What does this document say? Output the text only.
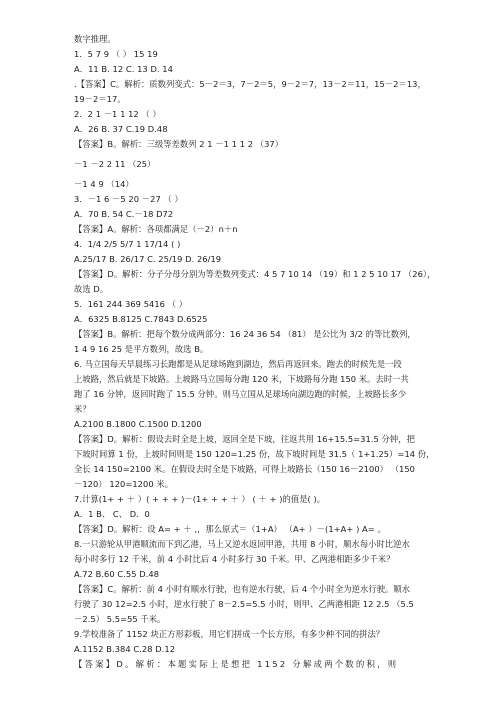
数字推理。
1．5 7 9 （ ） 15 19
A．11 B. 12 C. 13 D. 14
.【答案】C。解析：质数列变式：5－2＝3，7－2＝5，9－2＝7，13－2＝11，15－2＝13，
19－2＝17。
2．2 1 －1 1 12 （ ）
A．26 B. 37 C.19 D.48
【答案】B。解析：三级等差数列 2 1 －1 1 1 2 （37）
－1 －2 2 11 （25）
－1 4 9 （14）
3．－1 6 －5 20 －27 （ ）
A．70 B. 54 C.－18 D72
【答案】A。解析：各项都满足（－2）n＋n
4．1/4 2/5 5/7 1 17/14 ( )
A.25/17 B. 26/17 C. 25/19 D. 26/19
【答案】D。解析：分子分母分别为等差数列变式：4 5 7 10 14 （19）和 1 2 5 10 17 （26），
故选 D。
5．161 244 369 5416 （ ）
A．6325 B.8125 C.7843 D.6525
【答案】B。解析：把每个数分成两部分：16 24 36 54 （81） 是公比为 3/2 的等比数列，
1 4 9 16 25 是平方数列，故选 B。
6. 马立国每天早晨练习长跑都是从足球场跑到湖边，然后再返回来。跑去的时候先是一段
上坡路，然后就是下坡路。上坡路马立国每分跑 120 米，下坡路每分跑 150 米。去时一共
跑了 16 分钟，返回时跑了 15.5 分钟。则马立国从足球场向湖边跑的时候，上坡路长多少
米？
A.2100 B.1800 C.1500 D.1200
【答案】D。解析：假设去时全是上坡，返回全是下坡，往返共用 16+15.5=31.5 分钟，把
下坡时间算 1 份，上坡时间则是 150 120=1.25 份，故下坡时间是 31.5（ 1+1.25）=14 份，
全长 14 150=2100 米。在假设去时全是下坡路，可得上坡路长（150 16－2100） （150
－120） 120=1200 米。
7.计算(1+ + ＋ ）( + + + )－(1+ + + ＋ ） ( ＋ + )的值是( )。
A．1 B、 C、 D．0
【答案】D。解析：设 A= + ＋ ,，那么原式＝（1+A） （A+ ）－(1+A+ ) A= 。
8.一只游轮从甲港顺流而下到乙港，马上又逆水返回甲港，共用 8 小时，顺水每小时比逆水
每小时多行 12 千米，前 4 小时比后 4 小时多行 30 千米。甲、乙两港相距多少千米？
A.72 B.60 C.55 D.48
【答案】C。解析：前 4 小时有顺水行驶，也有逆水行驶，后 4 个小时全为逆水行驶。顺水
行驶了 30 12=2.5 小时，逆水行驶了 8－2.5=5.5 小时，则甲、乙两港相距 12 2.5 （5.5
－2.5） 5.5=55 千米。
9.学校准备了 1152 块正方形彩板，用它们拼成一个长方形，有多少种不同的拼法？
A.1152 B.384 C.28 D.12
【答案】D。解析：本题实际上是想把 1152 分解成两个数的积，则
